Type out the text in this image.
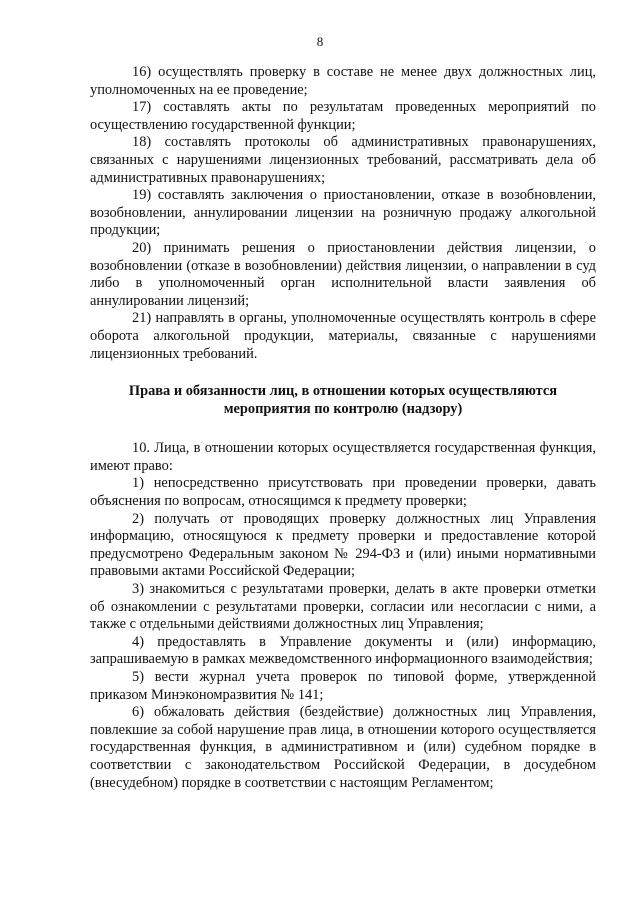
8

16) осуществлять проверку в составе не менее двух должностных лиц, уполномоченных на ее проведение;

17) составлять акты по результатам проведенных мероприятий по осуществлению государственной функции;

18) составлять протоколы об административных правонарушениях, связанных с нарушениями лицензионных требований, рассматривать дела об административных правонарушениях;

19) составлять заключения о приостановлении, отказе в возобновлении, возобновлении, аннулировании лицензии на розничную продажу алкогольной продукции;

20) принимать решения о приостановлении действия лицензии, о возобновлении (отказе в возобновлении) действия лицензии, о направлении в суд либо в уполномоченный орган исполнительной власти заявления об аннулировании лицензий;

21) направлять в органы, уполномоченные осуществлять контроль в сфере оборота алкогольной продукции, материалы, связанные с нарушениями лицензионных требований.

Права и обязанности лиц, в отношении которых осуществляются
мероприятия по контролю (надзору)

10. Лица, в отношении которых осуществляется государственная функция, имеют право:

1) непосредственно присутствовать при проведении проверки, давать объяснения по вопросам, относящимся к предмету проверки;

2) получать от проводящих проверку должностных лиц Управления информацию, относящуюся к предмету проверки и предоставление которой предусмотрено Федеральным законом № 294-ФЗ и (или) иными нормативными правовыми актами Российской Федерации;

3) знакомиться с результатами проверки, делать в акте проверки отметки об ознакомлении с результатами проверки, согласии или несогласии с ними, а также с отдельными действиями должностных лиц Управления;

4) предоставлять в Управление документы и (или) информацию, запрашиваемую в рамках межведомственного информационного взаимодействия;

5) вести журнал учета проверок по типовой форме, утвержденной приказом Минэкономразвития № 141;

6) обжаловать действия (бездействие) должностных лиц Управления, повлекшие за собой нарушение прав лица, в отношении которого осуществляется государственная функция, в административном и (или) судебном порядке в соответствии с законодательством Российской Федерации, в досудебном (внесудебном) порядке в соответствии с настоящим Регламентом;
